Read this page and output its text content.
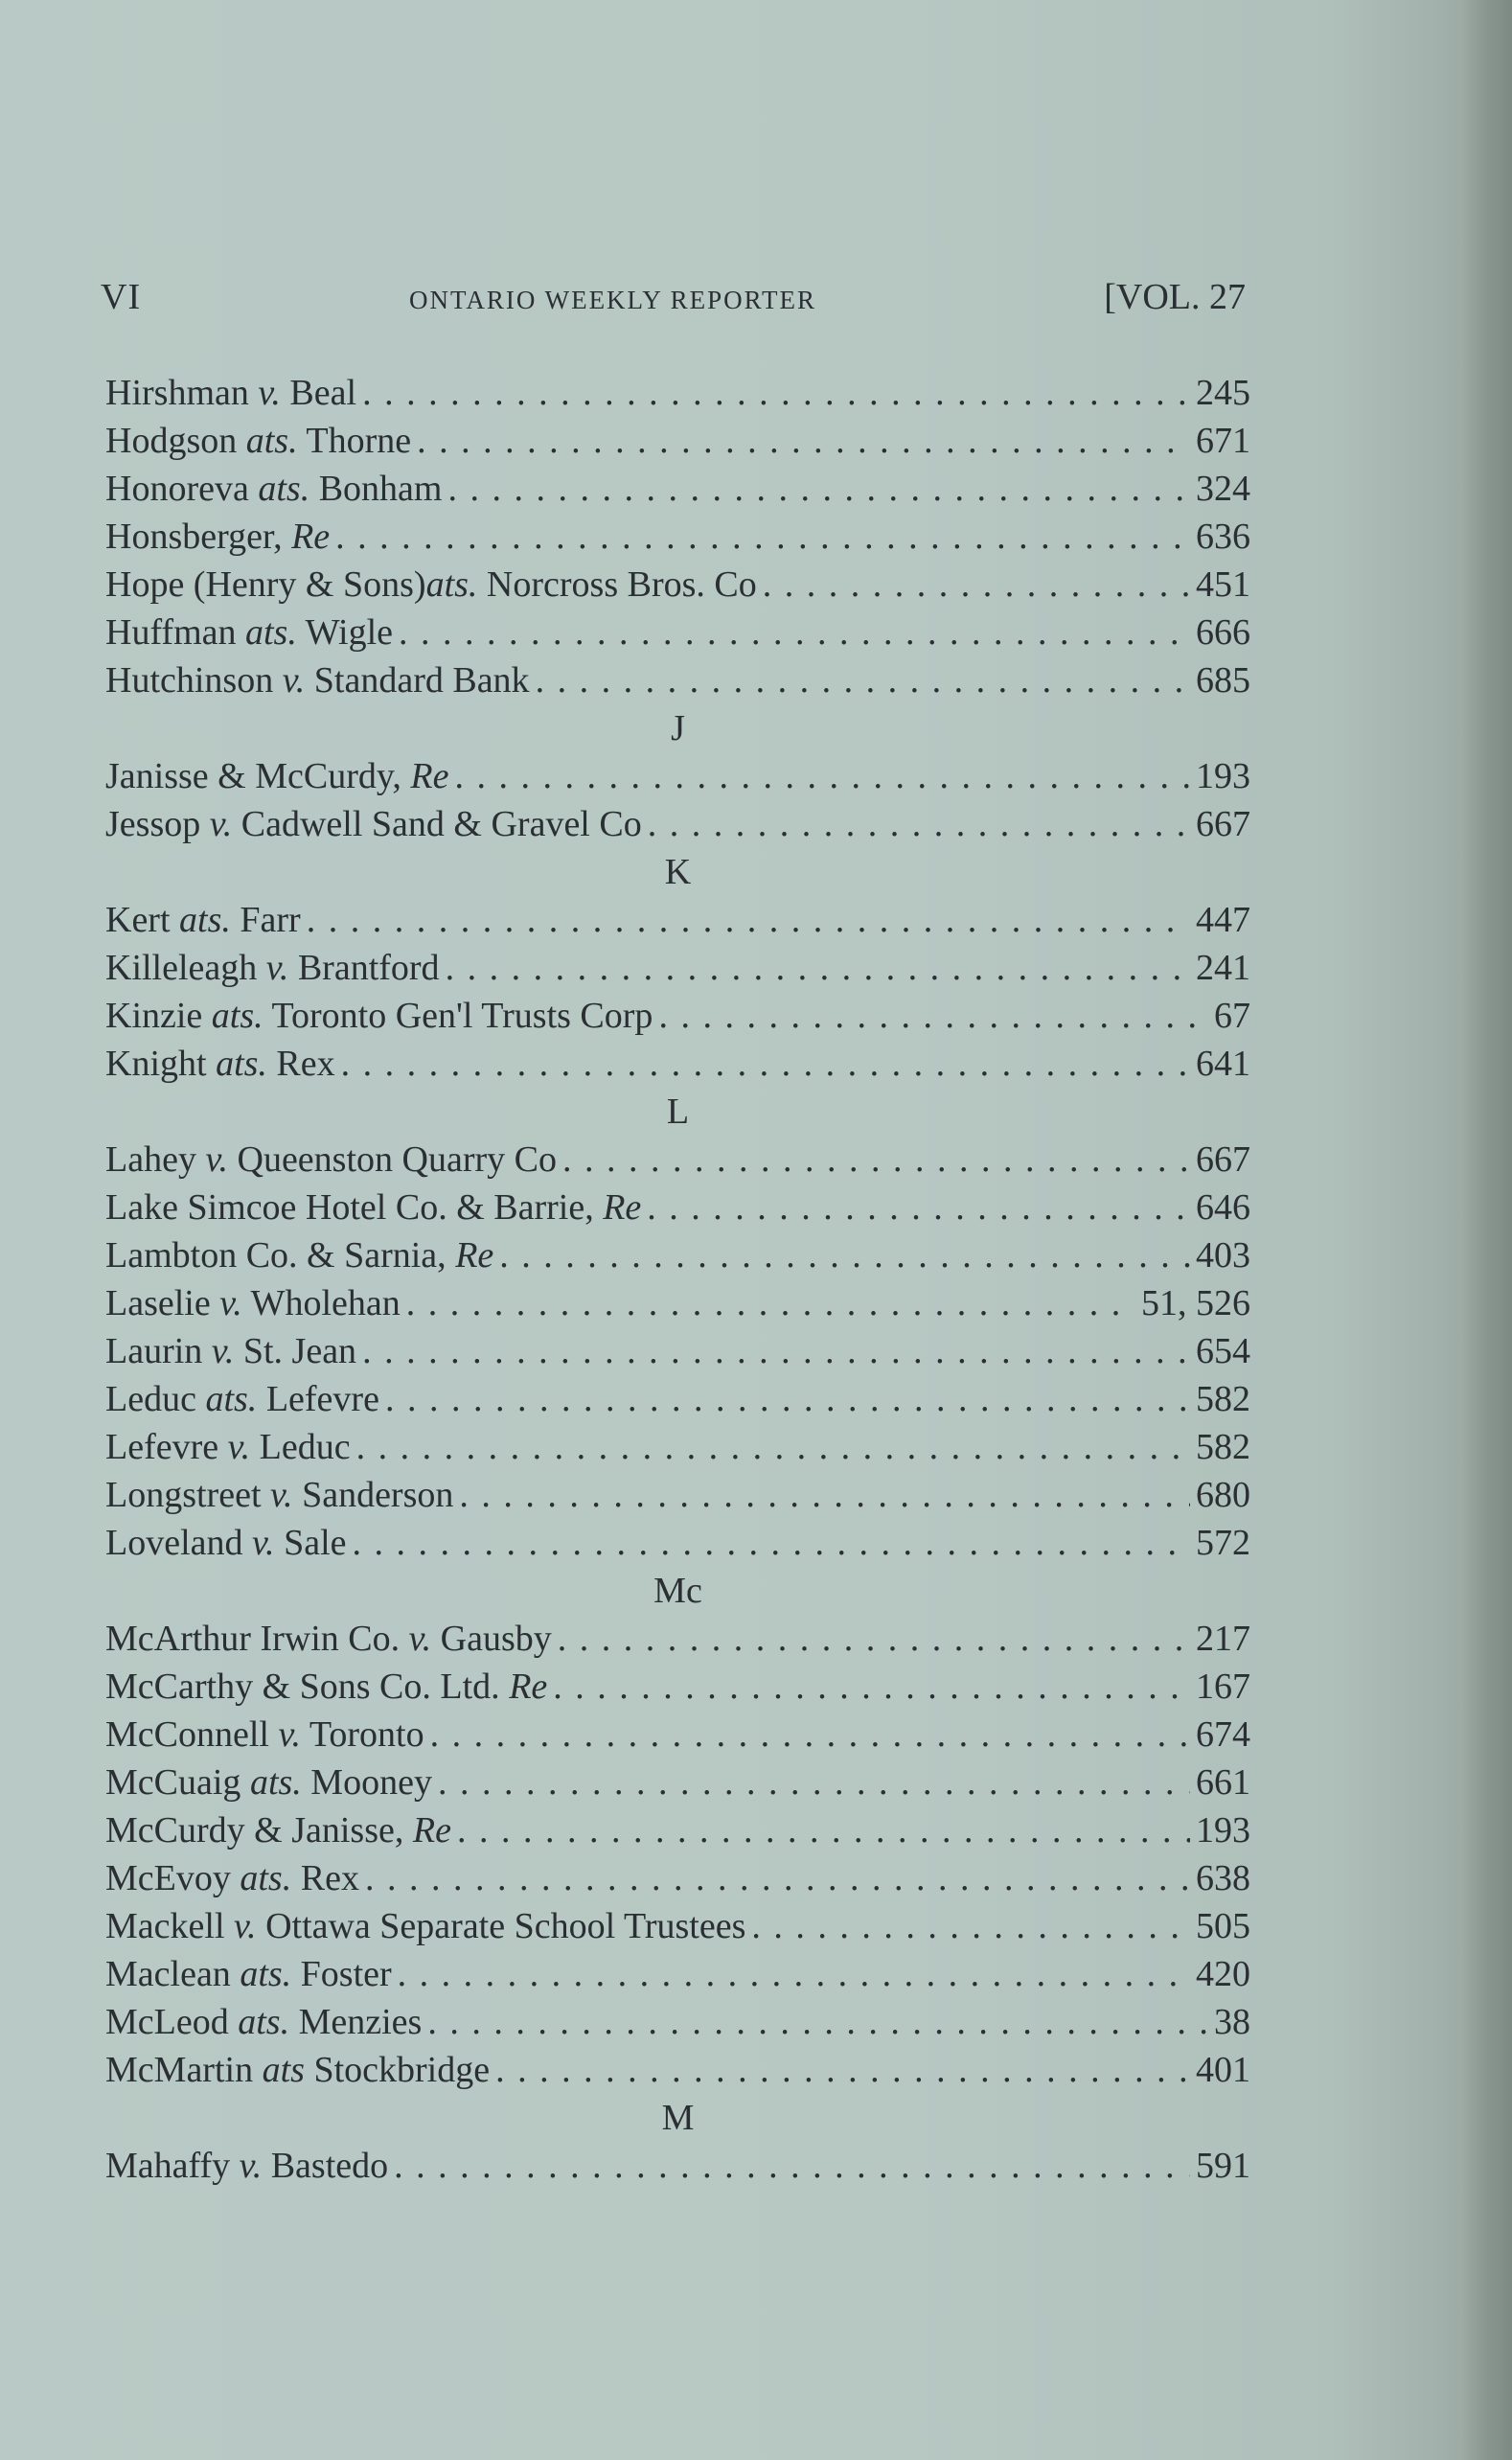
VI	ONTARIO WEEKLY REPORTER	[VOL. 27
Hirshman v. Beal . . .	245
Hodgson ats. Thorne . . .	671
Honoreva ats. Bonham . . .	324
Honsberger, Re . . .	636
Hope (Henry & Sons)ats. Norcross Bros. Co . . .	451
Huffman ats. Wigle . . .	666
Hutchinson v. Standard Bank . . .	685
J
Janisse & McCurdy, Re . . .	193
Jessop v. Cadwell Sand & Gravel Co . . .	667
K
Kert ats. Farr . . .	447
Killeleagh v. Brantford . . .	241
Kinzie ats. Toronto Gen'l Trusts Corp . . .	67
Knight ats. Rex . . .	641
L
Lahey v. Queenston Quarry Co . . .	667
Lake Simcoe Hotel Co. & Barrie, Re . . .	646
Lambton Co. & Sarnia, Re . . .	403
Laselie v. Wholehan . . .	51, 526
Laurin v. St. Jean . . .	654
Leduc ats. Lefevre . . .	582
Lefevre v. Leduc . . .	582
Longstreet v. Sanderson . . .	680
Loveland v. Sale . . .	572
Mc
McArthur Irwin Co. v. Gausby . . .	217
McCarthy & Sons Co. Ltd. Re . . .	167
McConnell v. Toronto . . .	674
McCuaig ats. Mooney . . .	661
McCurdy & Janisse, Re . . .	193
McEvoy ats. Rex . . .	638
Mackell v. Ottawa Separate School Trustees . . .	505
Maclean ats. Foster . . .	420
McLeod ats. Menzies . . .	38
McMartin ats Stockbridge . . .	401
M
Mahaffy v. Bastedo . . .	591
